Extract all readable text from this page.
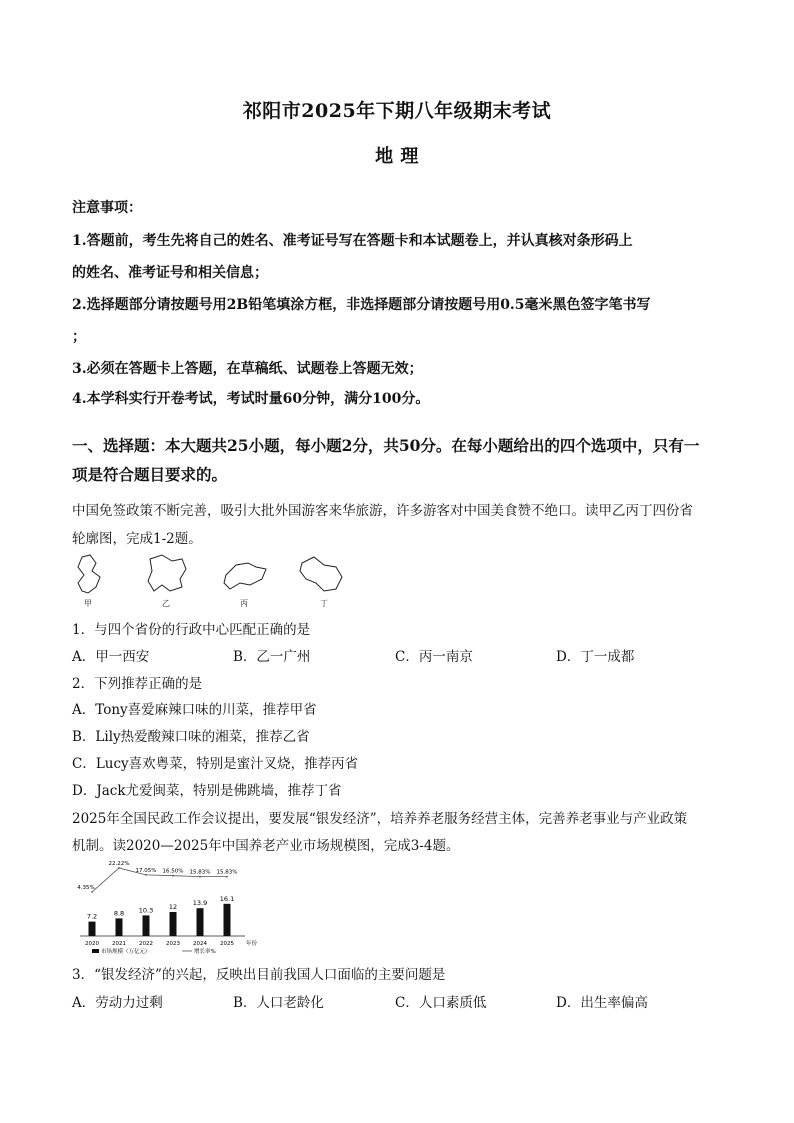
祁阳市2025年下期八年级期末考试
地 理
注意事项：
1.答题前，考生先将自己的姓名、准考证号写在答题卡和本试题卷上，并认真核对条形码上
的姓名、准考证号和相关信息；
2.选择题部分请按题号用2B铅笔填涂方框，非选择题部分请按题号用0.5毫米黑色签字笔书写
；
3.必须在答题卡上答题，在草稿纸、试题卷上答题无效；
4.本学科实行开卷考试，考试时量60分钟，满分100分。
一、选择题：本大题共25小题，每小题2分，共50分。在每小题给出的四个选项中，只有一
项是符合题目要求的。
中国免签政策不断完善，吸引大批外国游客来华旅游，许多游客对中国美食赞不绝口。读甲乙丙丁四份省
轮廓图，完成1-2题。
甲	乙	丙	丁
1．与四个省份的行政中心匹配正确的是
A．甲一西安	B．乙一广州	C．丙一南京	D．丁一成都
2．下列推荐正确的是
A．Tony喜爱麻辣口味的川菜，推荐甲省
B．Lily热爱酸辣口味的湘菜，推荐乙省
C．Lucy喜欢粤菜，特别是蜜汁叉烧，推荐丙省
D．Jack尤爱闽菜，特别是佛跳墙，推荐丁省
2025年全国民政工作会议提出，要发展“银发经济”，培养养老服务经营主体，完善养老事业与产业政策
机制。读2020—2025年中国养老产业市场规模图，完成3-4题。
7.2
2020
4.35%
8.8
2021
22.22%
10.3
2022
17.05%
12
2023
16.50%
13.9
2024
15.83%
16.1
2025
15.83%
年份
市场规模（万亿元）	增长率%
3．“银发经济”的兴起，反映出目前我国人口面临的主要问题是
A．劳动力过剩	B．人口老龄化	C．人口素质低	D．出生率偏高
